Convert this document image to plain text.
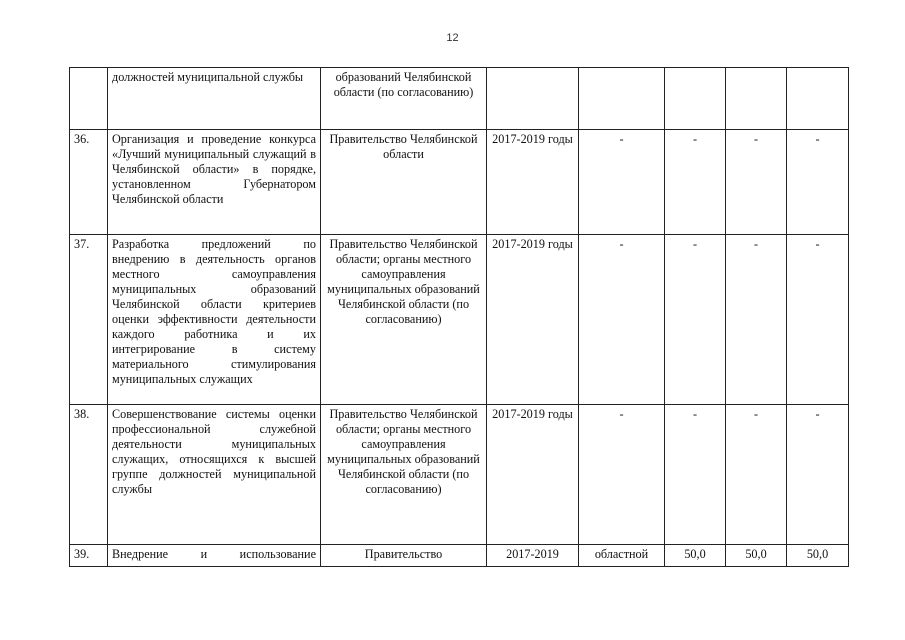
12
	должностей муниципальной службы	образований Челябинской области (по согласованию)					
36.	Организация и проведение конкурса «Лучший муниципальный служащий в Челябинской области» в порядке, установленном Губернатором Челябинской области	Правительство Челябинской области	2017-2019 годы	-	-	-	-
37.	Разработка предложений по внедрению в деятельность органов местного самоуправления муниципальных образований Челябинской области критериев оценки эффективности деятельности каждого работника и их интегрирование в систему материального стимулирования муниципальных служащих	Правительство Челябинской области; органы местного самоуправления муниципальных образований Челябинской области (по согласованию)	2017-2019 годы	-	-	-	-
38.	Совершенствование системы оценки профессиональной служебной деятельности муниципальных служащих, относящихся к высшей группе должностей муниципальной службы	Правительство Челябинской области; органы местного самоуправления муниципальных образований Челябинской области (по согласованию)	2017-2019 годы	-	-	-	-
39.	Внедрение и использование	Правительство	2017-2019	областной	50,0	50,0	50,0
